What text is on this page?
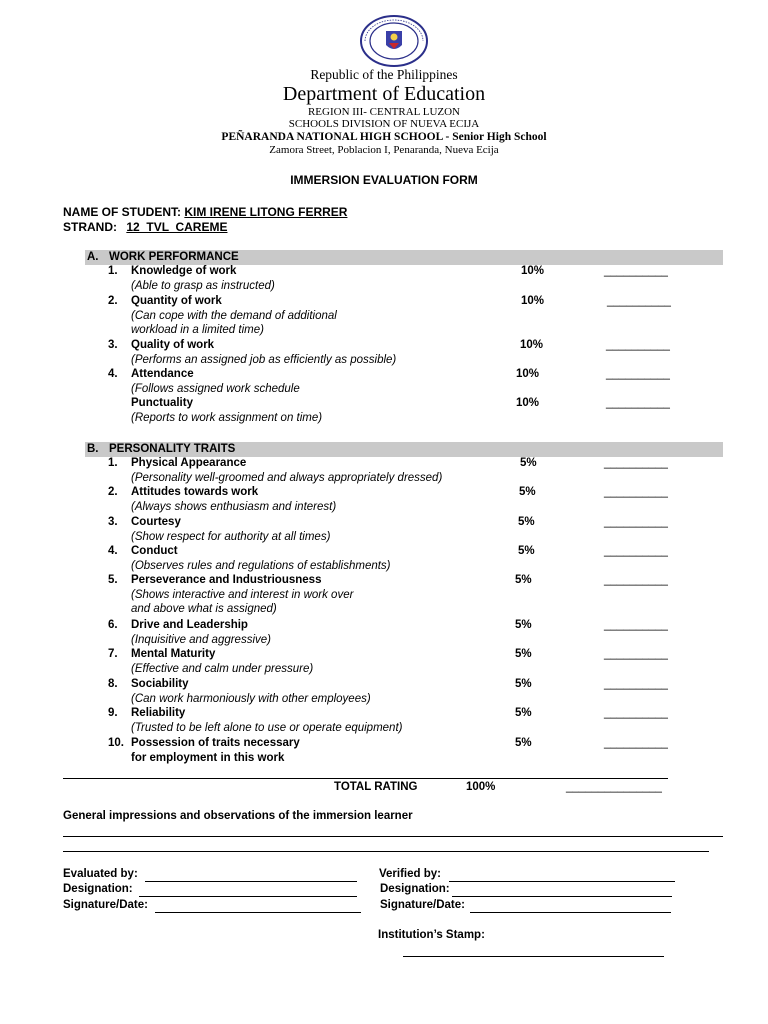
Republic of the Philippines
Department of Education
REGION III- CENTRAL LUZON
SCHOOLS DIVISION OF NUEVA ECIJA
PEÑARANDA NATIONAL HIGH SCHOOL - Senior High School
Zamora Street, Poblacion I, Penaranda, Nueva Ecija
IMMERSION EVALUATION FORM
NAME OF STUDENT: KIM IRENE LITONG FERRER
STRAND: 12  TVL  CAREME
A. WORK PERFORMANCE
1. Knowledge of work
(Able to grasp as instructed)
10%	__________
2. Quantity of work
(Can cope with the demand of additional
workload in a limited time)
10%	__________
3. Quality of work
(Performs an assigned job as efficiently as possible)
10%	__________
4. Attendance
(Follows assigned work schedule
10%	__________
Punctuality
(Reports to work assignment on time)
10%	__________
B. PERSONALITY TRAITS
1. Physical Appearance
(Personality well-groomed and always appropriately dressed)
5%	__________
2. Attitudes towards work
(Always shows enthusiasm and interest)
5%	__________
3. Courtesy
(Show respect for authority at all times)
5%	__________
4. Conduct
(Observes rules and regulations of establishments)
5%	__________
5. Perseverance and Industriousness
(Shows interactive and interest in work over
and above what is assigned)
5%	__________
6. Drive and Leadership
(Inquisitive and aggressive)
5%	__________
7. Mental Maturity
(Effective and calm under pressure)
5%	__________
8. Sociability
(Can work harmoniously with other employees)
5%	__________
9. Reliability
(Trusted to be left alone to use or operate equipment)
5%	__________
10. Possession of traits necessary
for employment in this work
5%	__________
TOTAL RATING	100%	_______________
General impressions and observations of the immersion learner
Evaluated by:
Designation:
Signature/Date:
Verified by:
Designation:
Signature/Date:
Institution’s Stamp:
